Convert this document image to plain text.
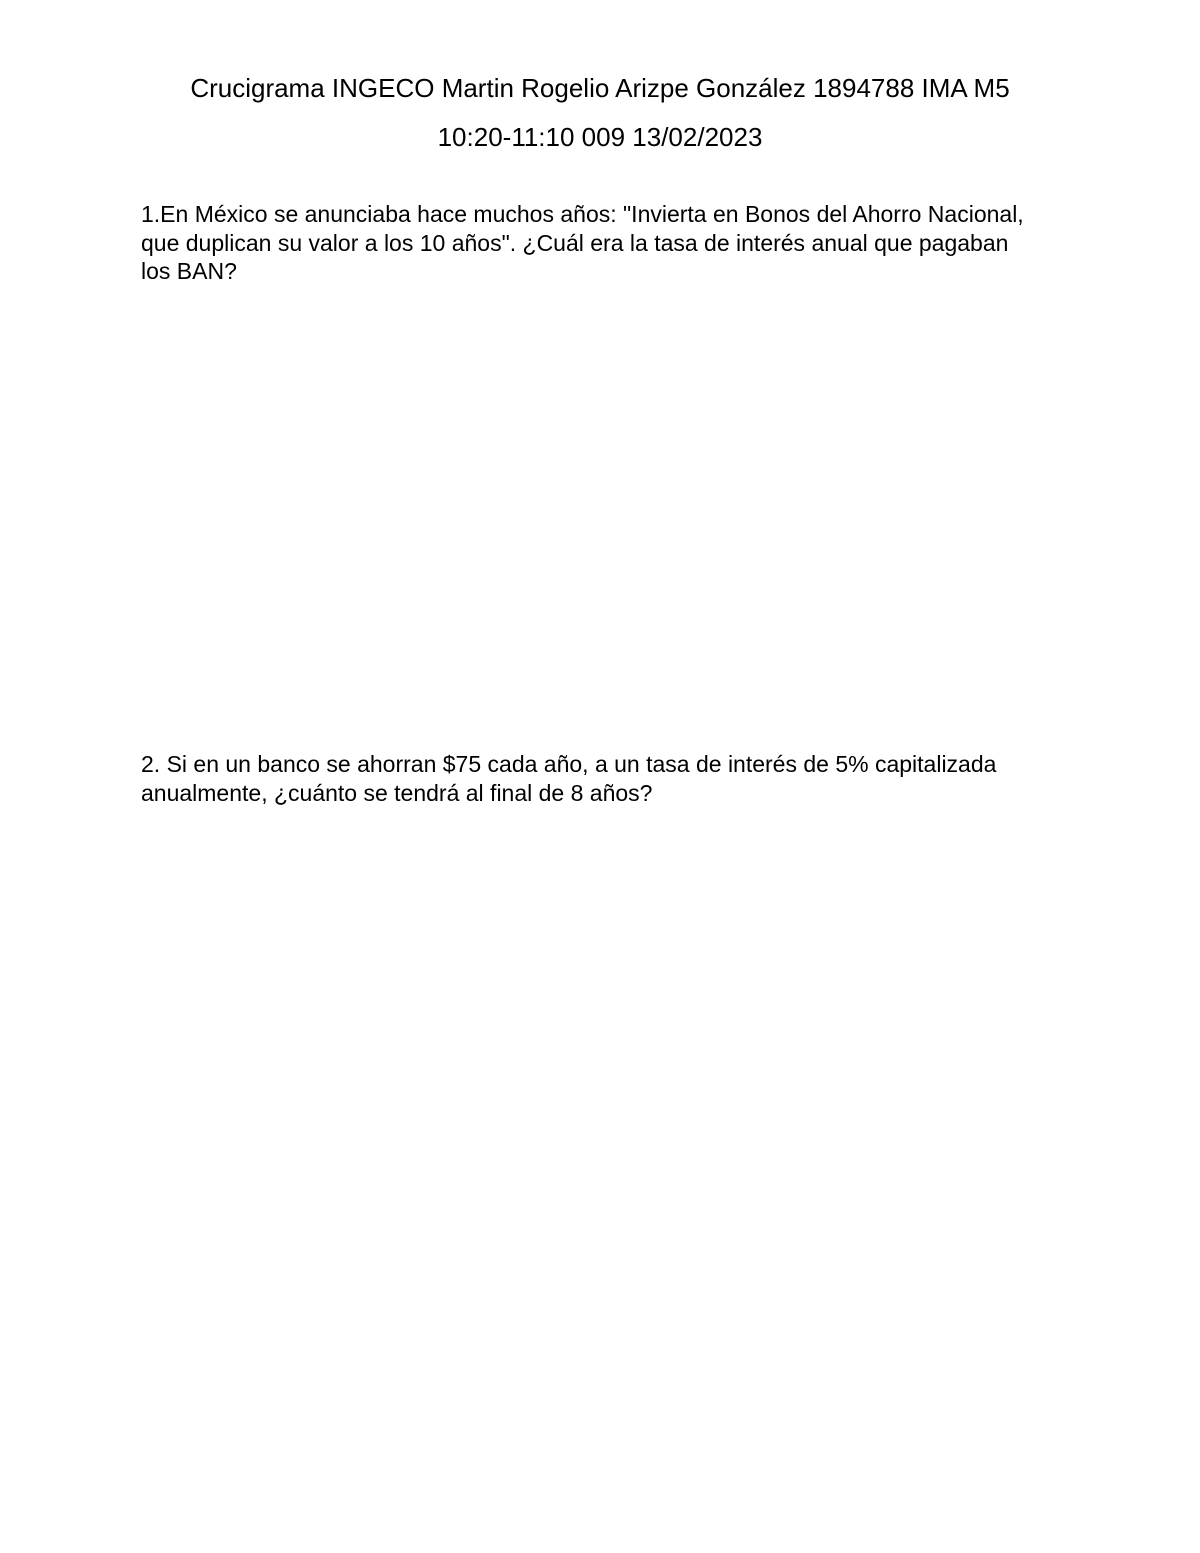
Crucigrama INGECO Martin Rogelio Arizpe González 1894788 IMA M5
10:20-11:10 009 13/02/2023
1.En México se anunciaba hace muchos años: "Invierta en Bonos del Ahorro Nacional,
que duplican su valor a los 10 años". ¿Cuál era la tasa de interés anual que pagaban
los BAN?
2. Si en un banco se ahorran $75 cada año, a un tasa de interés de 5% capitalizada
anualmente, ¿cuánto se tendrá al final de 8 años?
